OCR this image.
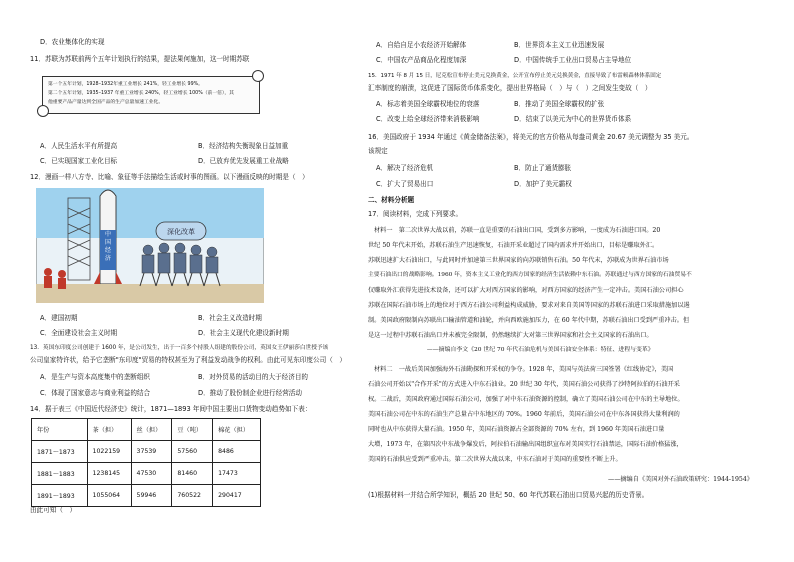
D．农业集体化的实现
11．苏联为苏联前两个五年计划执行的结果，提法果何施加，这一时期苏联
第一个五年计划，1928–1932年重工业增长 241%，轻工业增长 99%。
第二个五年计划，1935–1937 年重工业增长 240%，轻工业增长 100%（前一倍），其
他重要产品产量达到全国产品的生产总量加速工业化。
A．人民生活水平有所提高	B．经济结构失衡现象日益加重
C．已实现国家工业化目标	D．已放弃优先发展重工业战略
12．漫画一样八方寺、比喻、象征等手法描绘生活或时事的图画。以下漫画反映的时期是（　）
中国经济
深化改革
A．建国初期	B．社会主义改造时期
C．全面建设社会主义时期	D．社会主义现代化建设新时期
13．英国东印度公司创建于 1600 年，是公司发生，出于一百多个持股人组建的股份公司，英国女王伊丽莎白世授予该
公司皇家特许状，给予它垄断"东印度"贸易的特权甚至为了利益发动战争的权利。由此可见东印度公司（　）
A．是生产与资本高度集中的垄断组织	B．对外贸易的活动目的大于经济目的
C．体现了国家意志与商业利益的结合	D．推动了股份制企业进行经营活动
14．据于表三《中国近代经济史》统计，1871—1893 年间中国主要出口货物变动趋势如下表：
年份	茶（担）	丝（担）	豆（吨）	棉花（担）
1871～1873	1022159	37539	57560	8486
1881～1883	1238145	47530	81460	17473
1891～1893	1055064	59946	760522	290417
由此可知（　）
A．自给自足小农经济开始解体	B．世界资本主义工业迅速发展
C．中国农产品商品化程度加深	D．中国传统手工业出口贸易占主导地位
15．1971 年 8 月 15 日，尼克松宣布停止美元兑换黄金，公开宣布停止美元兑换黄金，直接导致了布雷顿森林体系固定
汇率制度的崩溃，这促进了国际货币体系变化，提出世界格局（　）与（　）之间发生变故（　）
A．标志着美国全球霸权地位的衰落	B．推动了美国全球霸权的扩张
C．改变上给全球经济带来消极影响	D．结束了以美元为中心的世界货币体系
16．美国政府于 1934 年通过《黄金储备法案》，将美元的官方价格从每盎司黄金 20.67 美元调整为 35 美元。
该规定
A．解决了经济危机	B．防止了通货膨胀
C．扩大了贸易出口	D．加护了美元霸权
二、材料分析题
17．阅读材料，完成下列要求。
材料一　第二次世界大战以前，苏联一直是重要的石油出口国，受到多方影响，一度成为石油进口国。20
世纪 50 年代末开始，苏联石油生产迅速恢复，石油开采业超过了国内需求并开始出口，目标是赚取外汇。
苏联迅速扩大石油出口，与此同时并加速第三世界国家的向苏联销售石油。50 年代末，苏联成为世界石油市场
主要石油出口的战略影响。1960 年，资本主义工业化的西方国家的经济生活依赖中东石油。苏联通过与西方国家的石油贸易不
仅赚取外汇获得先进技术设备，还可以扩大对西方国家的影响，对西方国家的经济产生一定冲击。美国石油公司担心
苏联在国际石油市场上的地位对于西方石油公司利益构成威胁，要求对来自美国等国家的苏联石油进口采取措施加以遏
制。美国政府限制向苏联出口输油管道和油轮，并向西欧施加压力，在 60 年代中期，苏联石油出口受到严重冲击。但
是这一过程中苏联石油出口并未被完全限制，仍然继续扩大对第三世界国家和社会主义国家的石油出口。
　　　　　　　　　　——摘编自李文《20 世纪 70 年代石油危机与美国石油安全体系：特征、进程与变革》
材料二　一战后美国加强海外石油勘探和开采权的争夺。1928 年，美国与英法荷三国签署《红线协定》，美国
石油公司开始以"合作开采"的方式进入中东石油业。20 世纪 30 年代，美国石油公司获得了沙特阿拉伯的石油开采
权。二战后，美国政府通过国际石油公司，加强了对中东石油资源的控制，确立了美国石油公司在中东的主导地位。
美国石油公司在中东的石油生产总量占中东地区的 70%。1960 年前后，美国石油公司在中东各国获得大量利润的
同时也从中东获得大量石油。1950 年，美国石油资源占全部资源的 70% 左右，到 1960 年美国石油进口量
大增，1973 年，在第四次中东战争爆发后，阿拉伯石油输出国组织宣布对美国实行石油禁运，国际石油价格猛涨，
美国的石油供应受到严重冲击。第二次世界大战以来，中东石油对于美国的重要性不断上升。
——摘编自《美国对外石油政策研究：1944-1954》
(1)根据材料一并结合所学知识，概括 20 世纪 50、60 年代苏联石油出口贸易兴起的历史背景。
